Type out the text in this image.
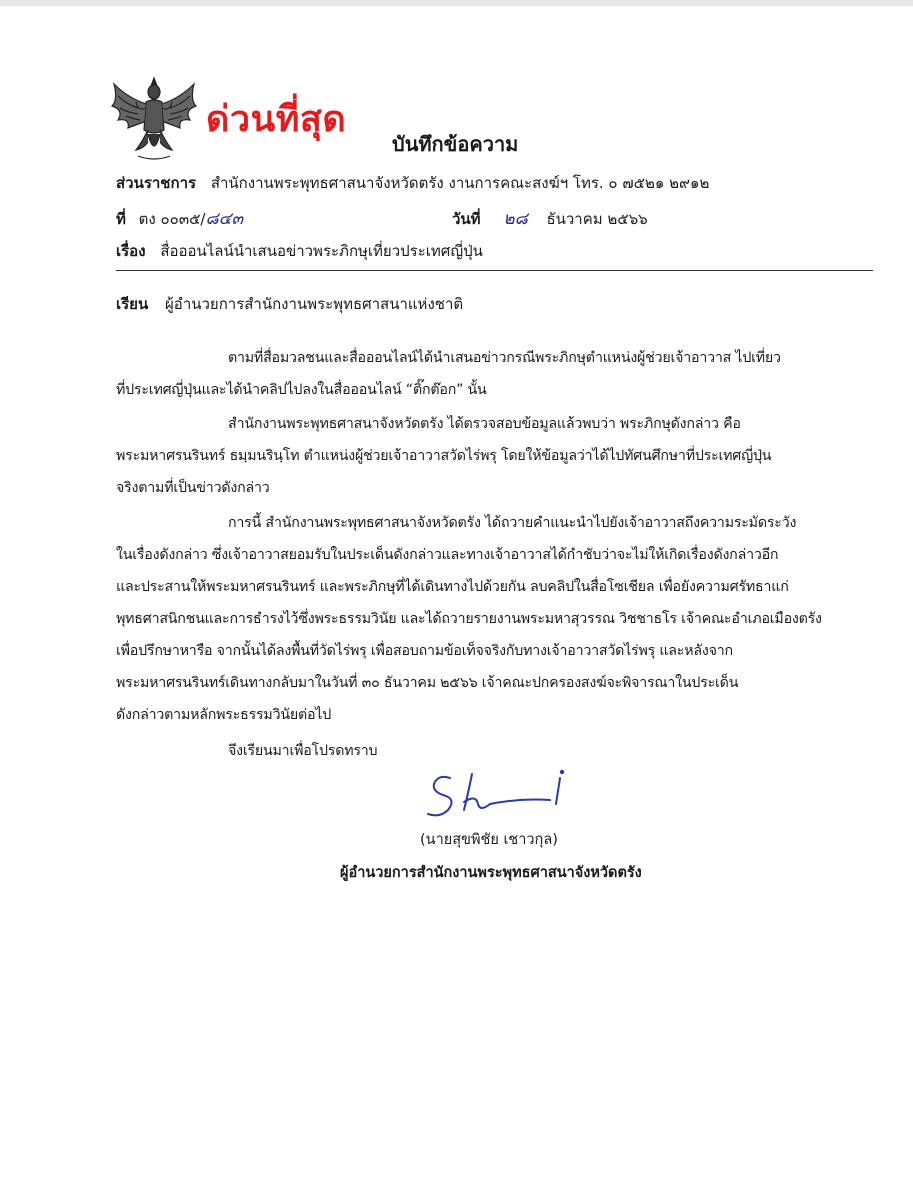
ด่วนที่สุด
บันทึกข้อความ
ส่วนราชการ สำนักงานพระพุทธศาสนาจังหวัดตรัง งานการคณะสงฆ์ฯ โทร. ๐ ๗๕๒๑ ๒๙๑๒
ที่ ตง ๐๐๓๕/๘๔๓	วันที่ ๒๘ ธันวาคม ๒๕๖๖
เรื่อง สื่อออนไลน์นำเสนอข่าวพระภิกษุเที่ยวประเทศญี่ปุ่น
เรียน ผู้อำนวยการสำนักงานพระพุทธศาสนาแห่งชาติ
ตามที่สื่อมวลชนและสื่อออนไลน์ได้นำเสนอข่าวกรณีพระภิกษุตำแหน่งผู้ช่วยเจ้าอาวาส ไปเที่ยว
ที่ประเทศญี่ปุ่นและได้นำคลิปไปลงในสื่อออนไลน์ “ติ๊กต๊อก” นั้น
สำนักงานพระพุทธศาสนาจังหวัดตรัง ได้ตรวจสอบข้อมูลแล้วพบว่า พระภิกษุดังกล่าว คือ
พระมหาศรนรินทร์ ธมฺมนรินฺโท ตำแหน่งผู้ช่วยเจ้าอาวาสวัดไร่พรุ โดยให้ข้อมูลว่าได้ไปทัศนศึกษาที่ประเทศญี่ปุ่น
จริงตามที่เป็นข่าวดังกล่าว
การนี้ สำนักงานพระพุทธศาสนาจังหวัดตรัง ได้ถวายคำแนะนำไปยังเจ้าอาวาสถึงความระมัดระวัง
ในเรื่องดังกล่าว ซึ่งเจ้าอาวาสยอมรับในประเด็นดังกล่าวและทางเจ้าอาวาสได้กำชับว่าจะไม่ให้เกิดเรื่องดังกล่าวอีก
และประสานให้พระมหาศรนรินทร์ และพระภิกษุที่ได้เดินทางไปด้วยกัน ลบคลิปในสื่อโซเชียล เพื่อยังความศรัทธาแก่
พุทธศาสนิกชนและการธำรงไว้ซึ่งพระธรรมวินัย และได้ถวายรายงานพระมหาสุวรรณ วิชชาธโร เจ้าคณะอำเภอเมืองตรัง
เพื่อปรึกษาหารือ จากนั้นได้ลงพื้นที่วัดไร่พรุ เพื่อสอบถามข้อเท็จจริงกับทางเจ้าอาวาสวัดไร่พรุ และหลังจาก
พระมหาศรนรินทร์เดินทางกลับมาในวันที่ ๓๐ ธันวาคม ๒๕๖๖ เจ้าคณะปกครองสงฆ์จะพิจารณาในประเด็น
ดังกล่าวตามหลักพระธรรมวินัยต่อไป
จึงเรียนมาเพื่อโปรดทราบ
(นายสุขพิชัย เชาวกุล)
ผู้อำนวยการสำนักงานพระพุทธศาสนาจังหวัดตรัง
